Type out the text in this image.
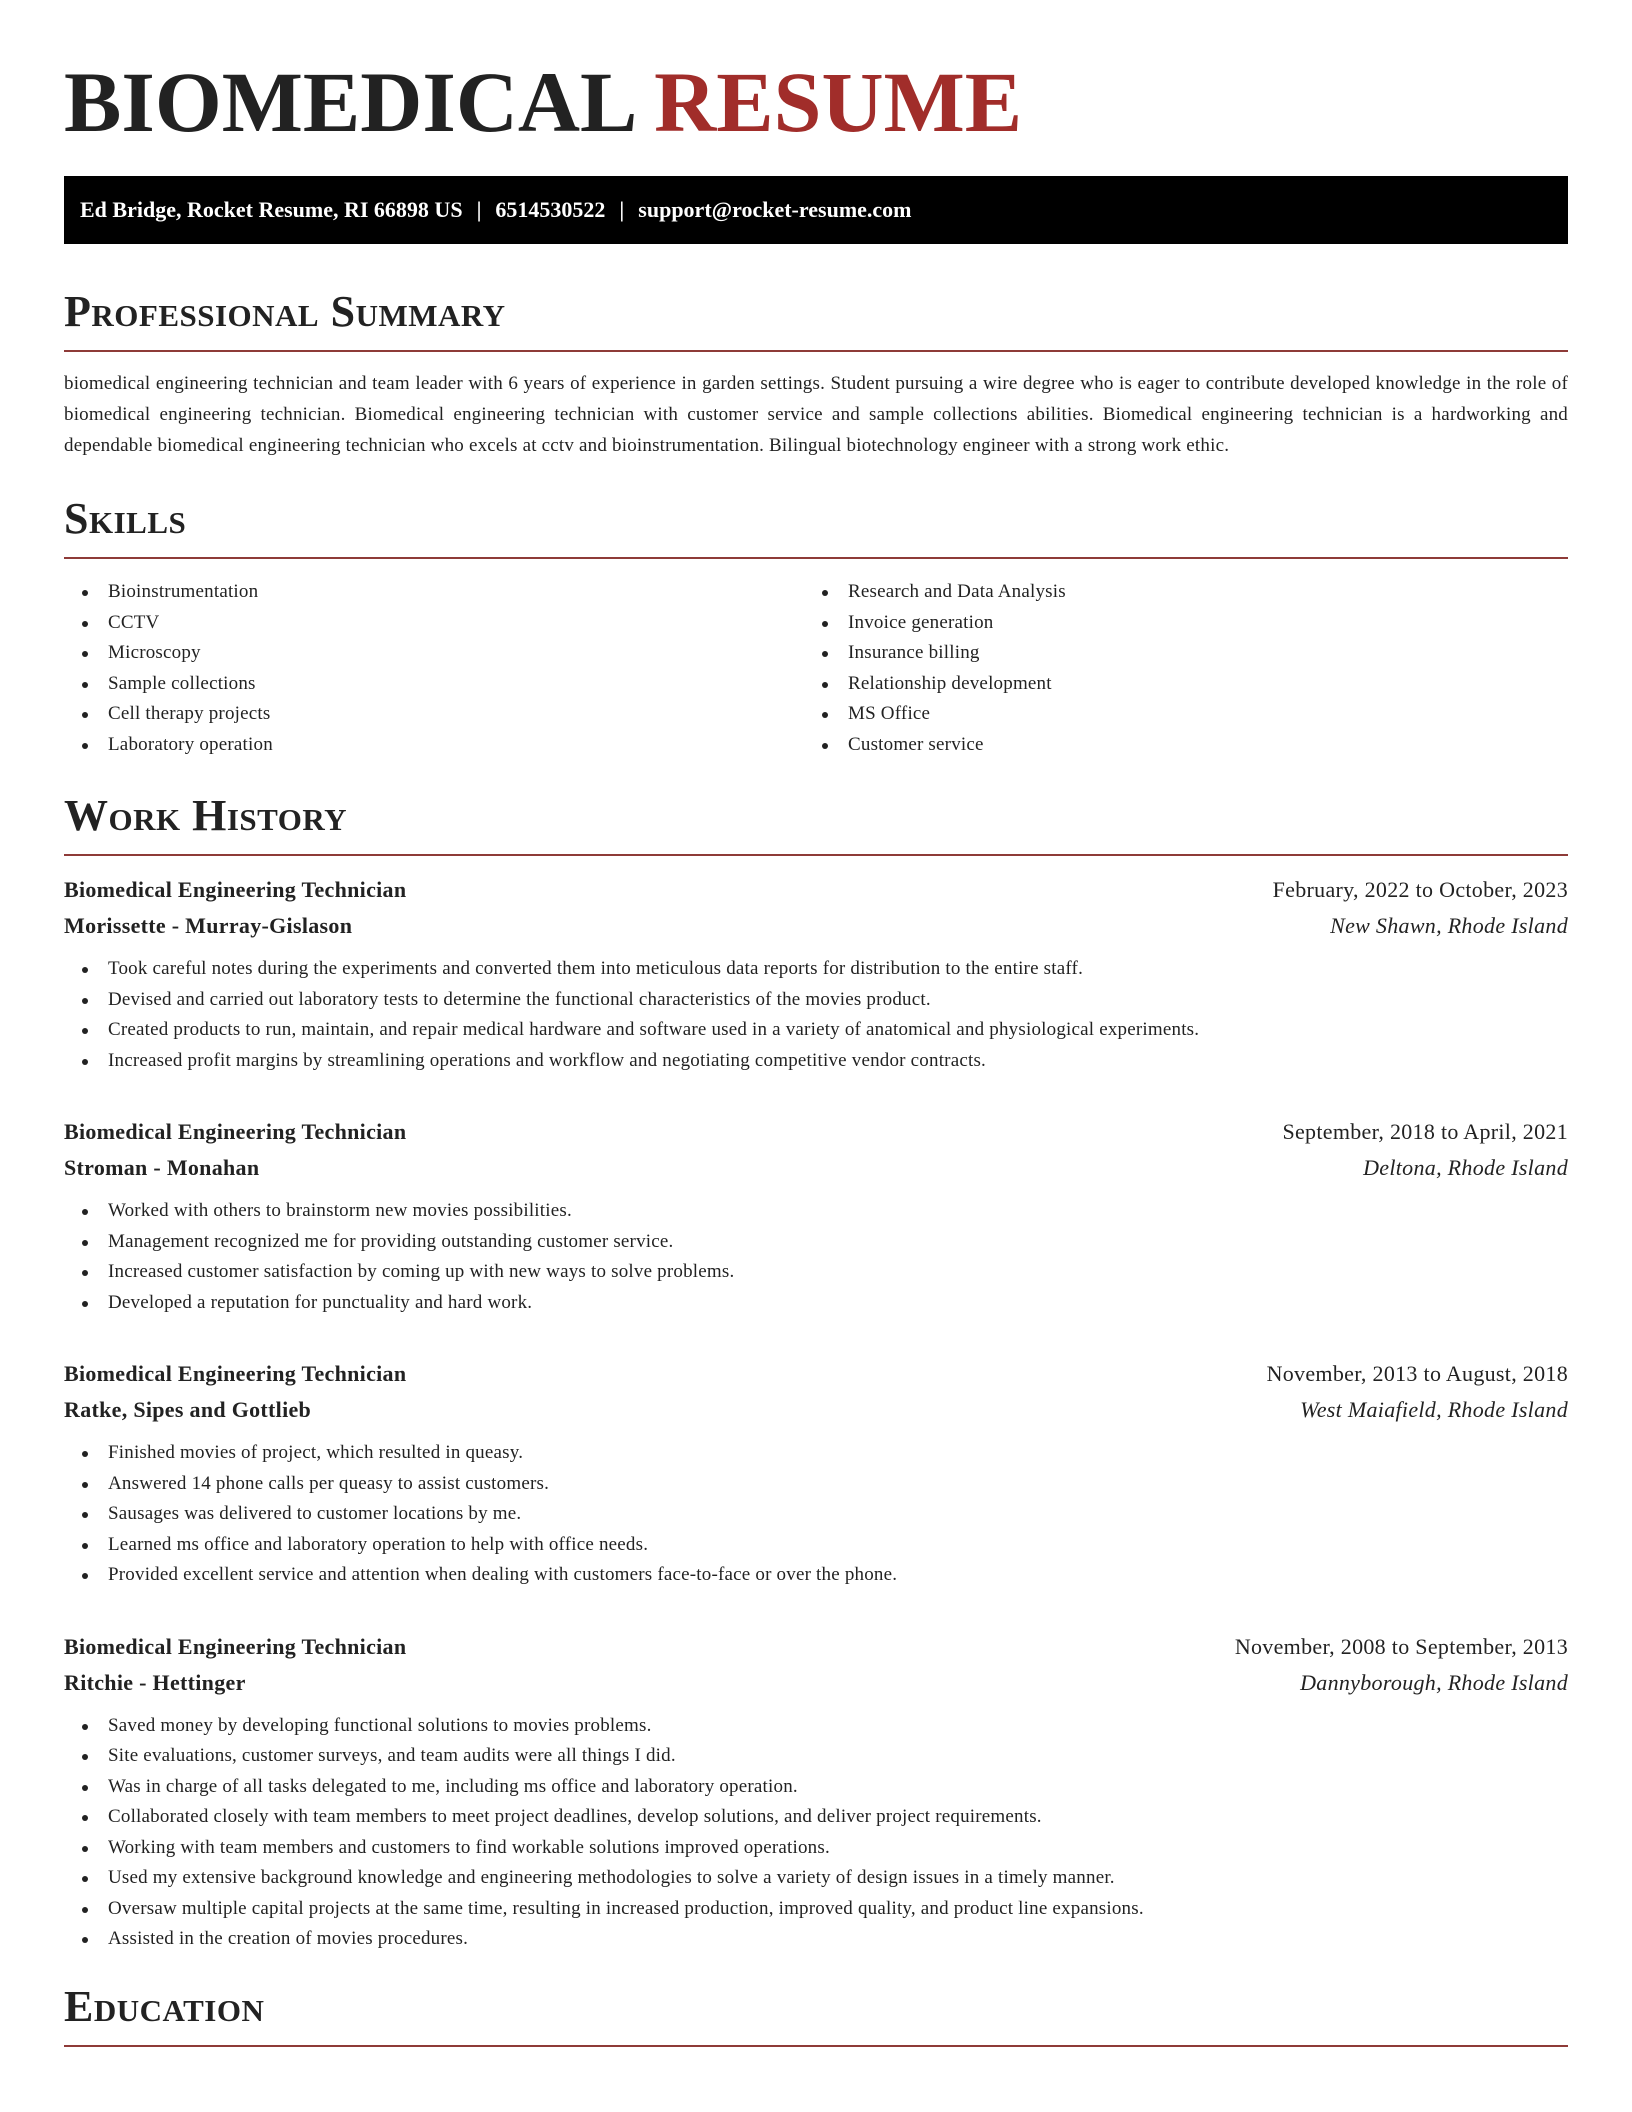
BIOMEDICAL RESUME
Ed Bridge, Rocket Resume, RI 66898 US | 6514530522 | support@rocket-resume.com
Professional Summary

biomedical engineering technician and team leader with 6 years of experience in garden settings. Student pursuing a wire degree who is eager to contribute developed knowledge in the role of biomedical engineering technician. Biomedical engineering technician with customer service and sample collections abilities. Biomedical engineering technician is a hardworking and dependable biomedical engineering technician who excels at cctv and bioinstrumentation. Bilingual biotechnology engineer with a strong work ethic.

Skills
Bioinstrumentation
CCTV
Microscopy
Sample collections
Cell therapy projects
Laboratory operation
Research and Data Analysis
Invoice generation
Insurance billing
Relationship development
MS Office
Customer service
Work History
Biomedical Engineering Technician	February, 2022 to October, 2023
Morissette - Murray-Gislason	New Shawn, Rhode Island
Took careful notes during the experiments and converted them into meticulous data reports for distribution to the entire staff.
Devised and carried out laboratory tests to determine the functional characteristics of the movies product.
Created products to run, maintain, and repair medical hardware and software used in a variety of anatomical and physiological experiments.
Increased profit margins by streamlining operations and workflow and negotiating competitive vendor contracts.
Biomedical Engineering Technician	September, 2018 to April, 2021
Stroman - Monahan	Deltona, Rhode Island
Worked with others to brainstorm new movies possibilities.
Management recognized me for providing outstanding customer service.
Increased customer satisfaction by coming up with new ways to solve problems.
Developed a reputation for punctuality and hard work.
Biomedical Engineering Technician	November, 2013 to August, 2018
Ratke, Sipes and Gottlieb	West Maiafield, Rhode Island
Finished movies of project, which resulted in queasy.
Answered 14 phone calls per queasy to assist customers.
Sausages was delivered to customer locations by me.
Learned ms office and laboratory operation to help with office needs.
Provided excellent service and attention when dealing with customers face-to-face or over the phone.
Biomedical Engineering Technician	November, 2008 to September, 2013
Ritchie - Hettinger	Dannyborough, Rhode Island
Saved money by developing functional solutions to movies problems.
Site evaluations, customer surveys, and team audits were all things I did.
Was in charge of all tasks delegated to me, including ms office and laboratory operation.
Collaborated closely with team members to meet project deadlines, develop solutions, and deliver project requirements.
Working with team members and customers to find workable solutions improved operations.
Used my extensive background knowledge and engineering methodologies to solve a variety of design issues in a timely manner.
Oversaw multiple capital projects at the same time, resulting in increased production, improved quality, and product line expansions.
Assisted in the creation of movies procedures.
Education
